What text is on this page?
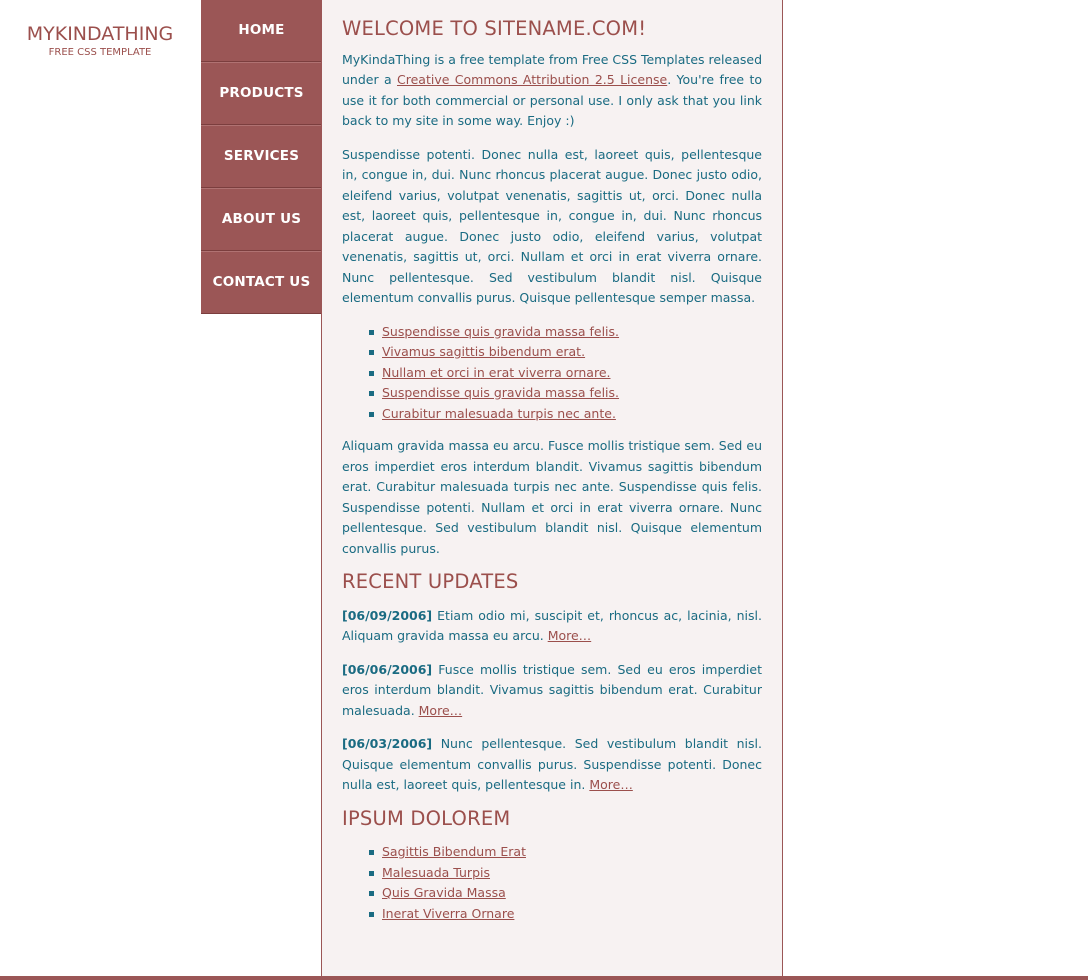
MYKINDATHING
FREE CSS TEMPLATE
HOME
PRODUCTS
SERVICES
ABOUT US
CONTACT US
WELCOME TO SITENAME.COM!

MyKindaThing is a free template from Free CSS Templates released under a Creative Commons Attribution 2.5 License. You're free to use it for both commercial or personal use. I only ask that you link back to my site in some way. Enjoy :)

Suspendisse potenti. Donec nulla est, laoreet quis, pellentesque in, congue in, dui. Nunc rhoncus placerat augue. Donec justo odio, eleifend varius, volutpat venenatis, sagittis ut, orci. Donec nulla est, laoreet quis, pellentesque in, congue in, dui. Nunc rhoncus placerat augue. Donec justo odio, eleifend varius, volutpat venenatis, sagittis ut, orci. Nullam et orci in erat viverra ornare. Nunc pellentesque. Sed vestibulum blandit nisl. Quisque elementum convallis purus. Quisque pellentesque semper massa.

Suspendisse quis gravida massa felis.
Vivamus sagittis bibendum erat.
Nullam et orci in erat viverra ornare.
Suspendisse quis gravida massa felis.
Curabitur malesuada turpis nec ante.

Aliquam gravida massa eu arcu. Fusce mollis tristique sem. Sed eu eros imperdiet eros interdum blandit. Vivamus sagittis bibendum erat. Curabitur malesuada turpis nec ante. Suspendisse quis felis. Suspendisse potenti. Nullam et orci in erat viverra ornare. Nunc pellentesque. Sed vestibulum blandit nisl. Quisque elementum convallis purus.

RECENT UPDATES

[06/09/2006] Etiam odio mi, suscipit et, rhoncus ac, lacinia, nisl. Aliquam gravida massa eu arcu. More…

[06/06/2006] Fusce mollis tristique sem. Sed eu eros imperdiet eros interdum blandit. Vivamus sagittis bibendum erat. Curabitur malesuada. More…

[06/03/2006] Nunc pellentesque. Sed vestibulum blandit nisl. Quisque elementum convallis purus. Suspendisse potenti. Donec nulla est, laoreet quis, pellentesque in. More…

IPSUM DOLOREM
Sagittis Bibendum Erat
Malesuada Turpis
Quis Gravida Massa
Inerat Viverra Ornare
